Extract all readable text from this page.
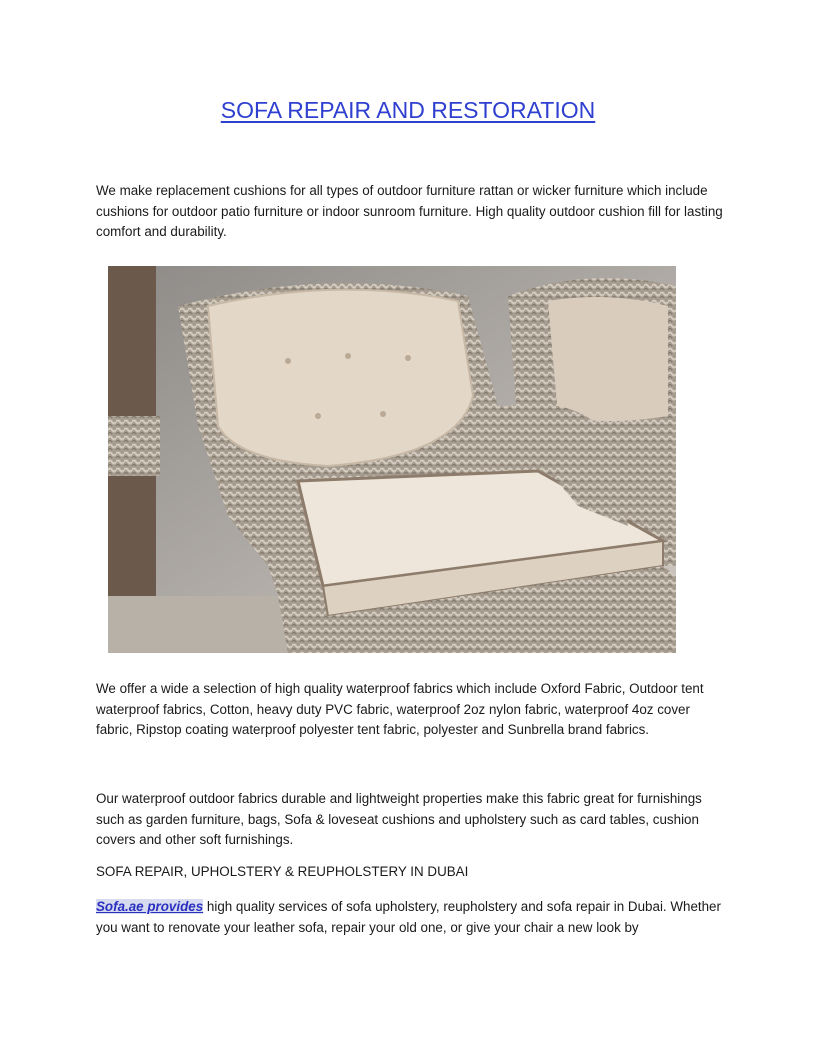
SOFA REPAIR AND RESTORATION

We make replacement cushions for all types of outdoor furniture rattan or wicker furniture which include cushions for outdoor patio furniture or indoor sunroom furniture. High quality outdoor cushion fill for lasting comfort and durability.

We offer a wide a selection of high quality waterproof fabrics which include Oxford Fabric, Outdoor tent waterproof fabrics, Cotton, heavy duty PVC fabric, waterproof 2oz nylon fabric, waterproof 4oz cover fabric, Ripstop coating waterproof polyester tent fabric, polyester and Sunbrella brand fabrics.

Our waterproof outdoor fabrics durable and lightweight properties make this fabric great for furnishings such as garden furniture, bags, Sofa & loveseat cushions and upholstery such as card tables, cushion covers and other soft furnishings.

SOFA REPAIR, UPHOLSTERY & REUPHOLSTERY IN DUBAI

Sofa.ae provides high quality services of sofa upholstery, reupholstery and sofa repair in Dubai. Whether you want to renovate your leather sofa, repair your old one, or give your chair a new look by
